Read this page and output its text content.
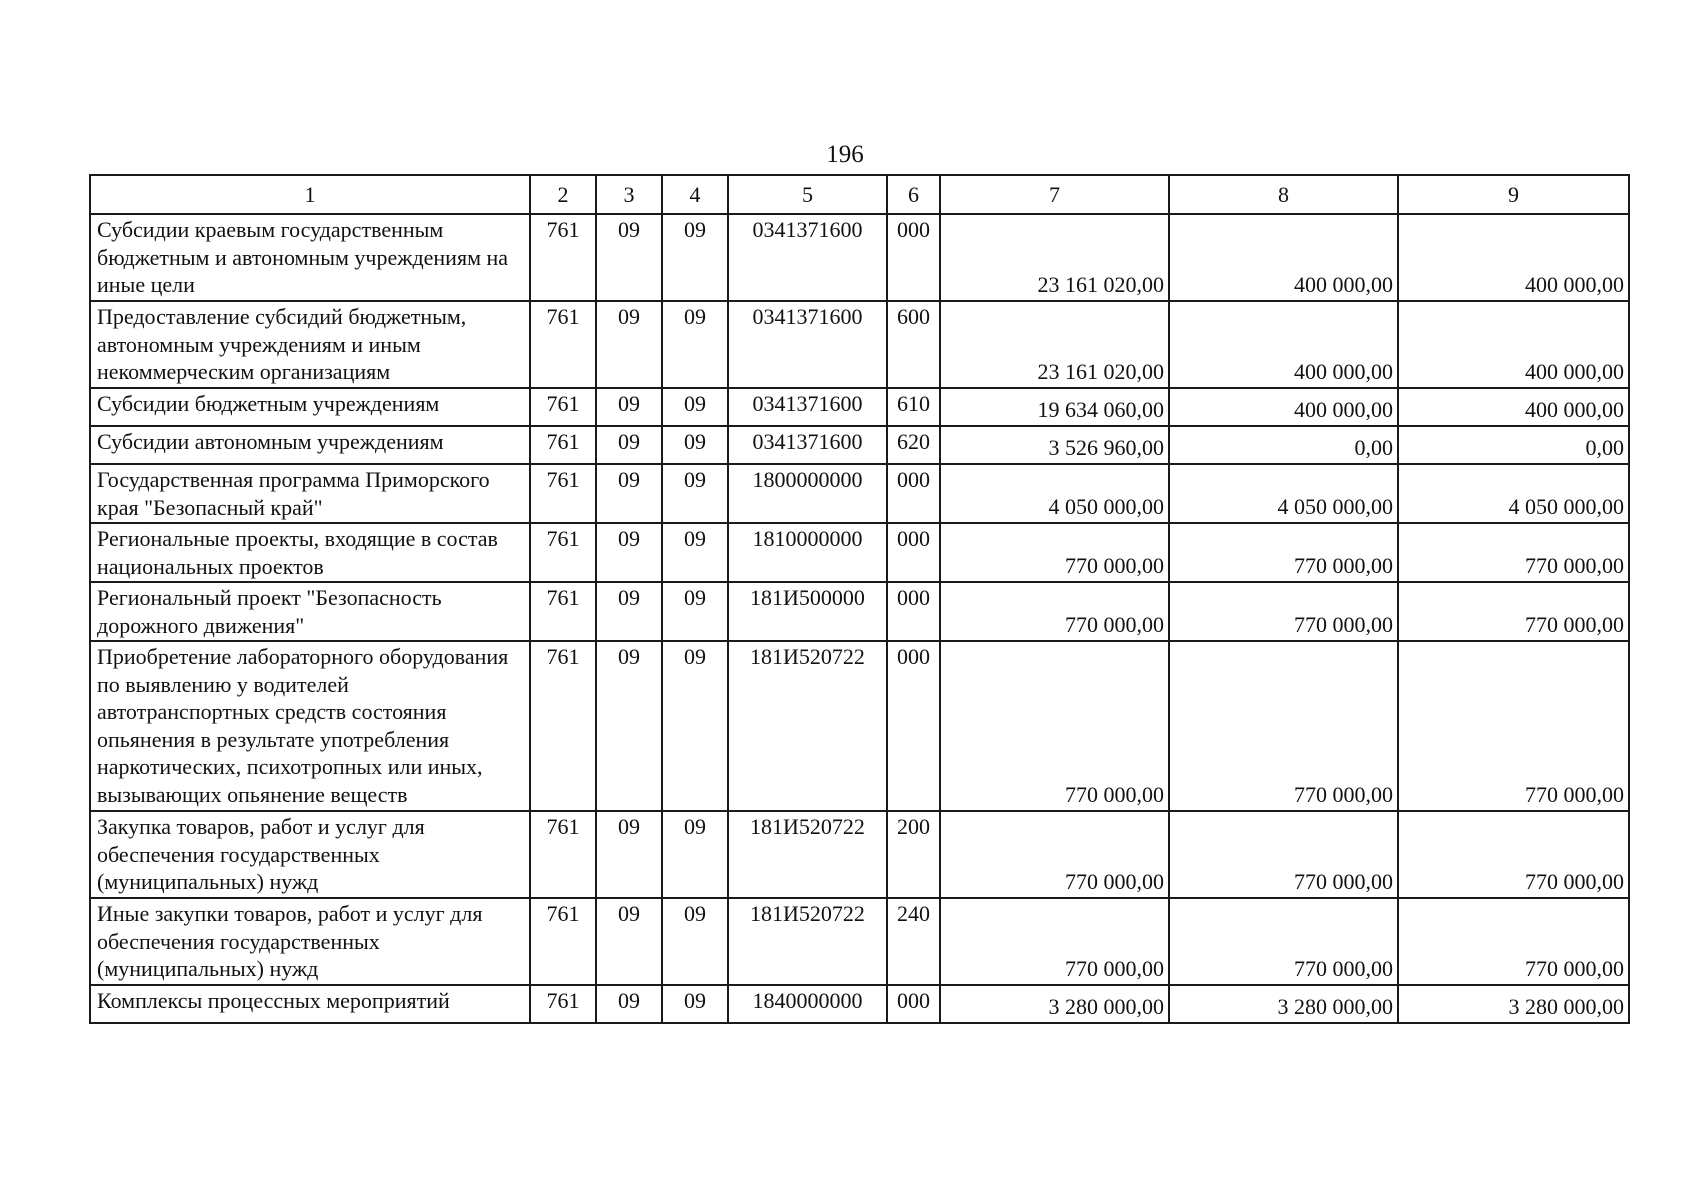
196
1	2	3	4	5	6	7	8	9
Субсидии краевым государственным бюджетным и автономным учреждениям на иные цели	761	09	09	0341371600	000	23 161 020,00	400 000,00	400 000,00

Предоставление субсидий бюджетным, автономным учреждениям и иным некоммерческим организациям	761	09	09	0341371600	600	23 161 020,00	400 000,00	400 000,00

Субсидии бюджетным учреждениям	761	09	09	0341371600	610	19 634 060,00	400 000,00	400 000,00

Субсидии автономным учреждениям	761	09	09	0341371600	620	3 526 960,00	0,00	0,00

Государственная программа Приморского края "Безопасный край"	761	09	09	1800000000	000	4 050 000,00	4 050 000,00	4 050 000,00

Региональные проекты, входящие в состав национальных проектов	761	09	09	1810000000	000	770 000,00	770 000,00	770 000,00

Региональный проект "Безопасность дорожного движения"	761	09	09	181И500000	000	770 000,00	770 000,00	770 000,00

Приобретение лабораторного оборудования по выявлению у водителей автотранспортных средств состояния опьянения в результате употребления наркотических, психотропных или иных, вызывающих опьянение веществ	761	09	09	181И520722	000	770 000,00	770 000,00	770 000,00

Закупка товаров, работ и услуг для обеспечения государственных (муниципальных) нужд	761	09	09	181И520722	200	770 000,00	770 000,00	770 000,00

Иные закупки товаров, работ и услуг для обеспечения государственных (муниципальных) нужд	761	09	09	181И520722	240	770 000,00	770 000,00	770 000,00

Комплексы процессных мероприятий	761	09	09	1840000000	000	3 280 000,00	3 280 000,00	3 280 000,00
